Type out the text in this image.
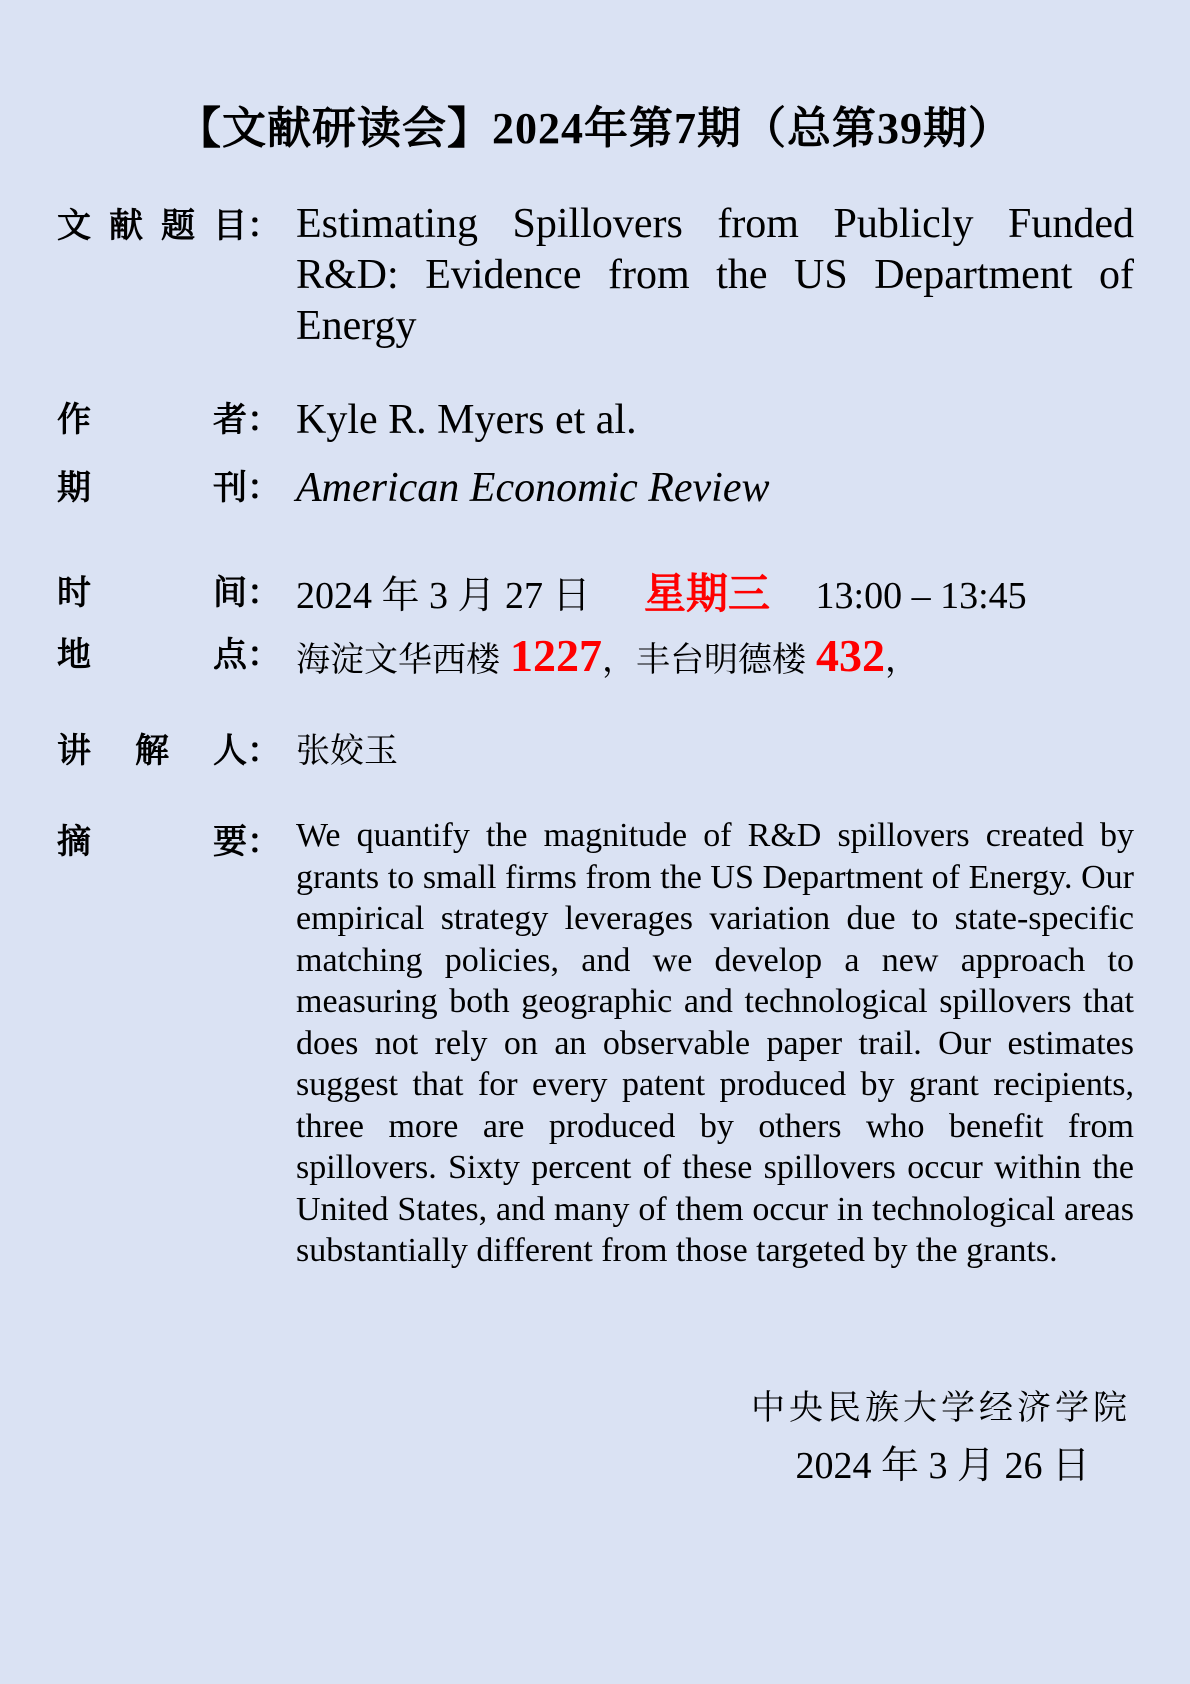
【文献研读会】2024年第7期（总第39期）
文 献 题 目 ： Estimating Spillovers from Publicly Funded R&D: Evidence from the US Department of Energy
作	者 ： Kyle R. Myers et al.
期	刊 ： American Economic Review
时	间 ： 2024 年 3 月 27 日 星期三 13:00 – 13:45
地	点 ： 海淀文华西楼 1227，丰台明德楼 432，
讲 解 人 ： 张姣玉
摘	要 ： We quantify the magnitude of R&D spillovers created by grants to small firms from the US Department of Energy. Our empirical strategy leverages variation due to state-specific matching policies, and we develop a new approach to measuring both geographic and technological spillovers that does not rely on an observable paper trail. Our estimates suggest that for every patent produced by grant recipients, three more are produced by others who benefit from spillovers. Sixty percent of these spillovers occur within the United States, and many of them occur in technological areas substantially different from those targeted by the grants.
中央民族大学经济学院
2024 年 3 月 26 日
